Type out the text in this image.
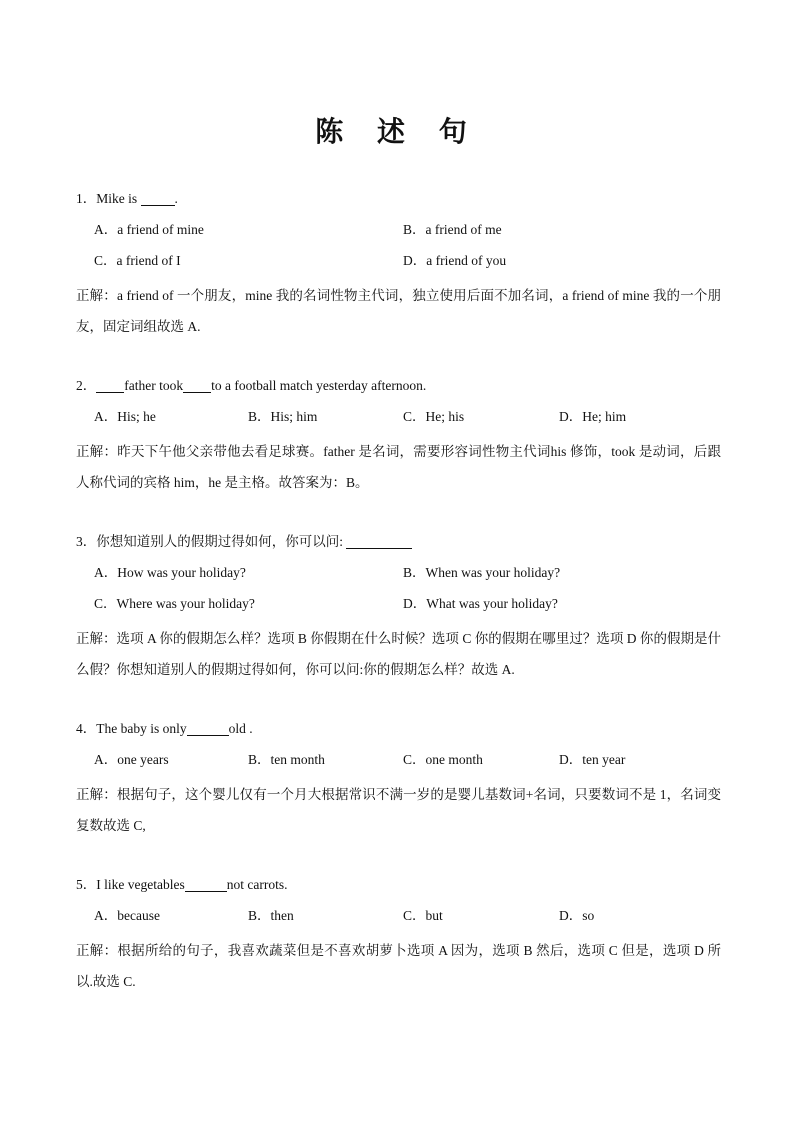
陈 述 句
1．Mike is	.
A．a friend of mine	B．a friend of me
C．a friend of I	D．a friend of you
正解：a friend of 一个朋友，mine 我的名词性物主代词，独立使用后面不加名词，a friend of mine 我的一个朋友，固定词组故选 A.
2． father took to a football match yesterday afternoon.
A．His; he	B．His; him	C．He; his	D．He; him
正解：昨天下午他父亲带他去看足球赛。father 是名词，需要形容词性物主代词his 修饰，took 是动词，后跟人称代词的宾格 him，he 是主格。故答案为：B。
3．你想知道别人的假期过得如何，你可以问:
A．How was your holiday?	B．When was your holiday?
C．Where was your holiday?	D．What was your holiday?
正解：选项 A 你的假期怎么样？选项 B 你假期在什么时候？选项 C 你的假期在哪里过？选项 D 你的假期是什么假？你想知道别人的假期过得如何，你可以问:你的假期怎么样？故选 A.
4．The baby is only	old .
A．one years	B．ten month	C．one month	D．ten year
正解：根据句子，这个婴儿仅有一个月大根据常识不满一岁的是婴儿基数词+名词，只要数词不是 1，名词变复数故选 C,
5．I like vegetables	not carrots.
A．because	B．then	C．but	D．so
正解：根据所给的句子，我喜欢蔬菜但是不喜欢胡萝卜选项 A 因为，选项 B 然后，选项 C 但是，选项 D 所以.故选 C.
